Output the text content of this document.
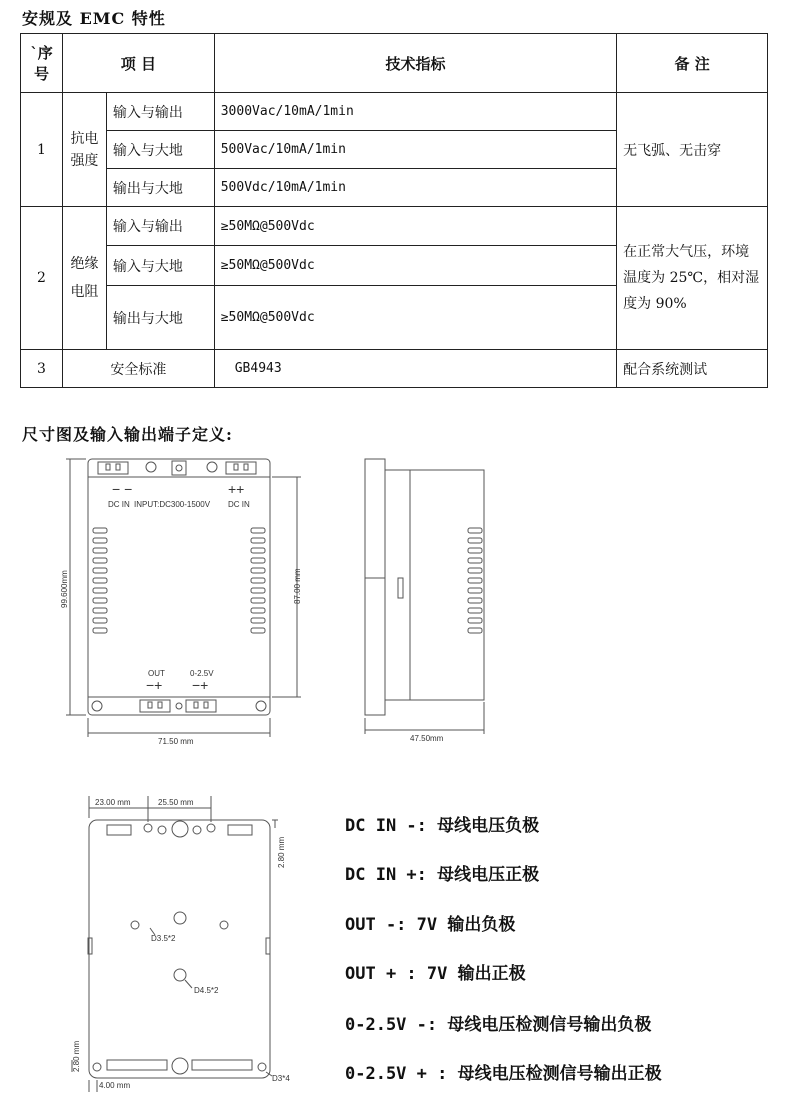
安规及 EMC 特性
`序号	项 目		技术指标	备 注
1	抗电强度	输入与输出	3000Vac/10mA/1min	无飞弧、无击穿
		输入与大地	500Vac/10mA/1min	
		输出与大地	500Vdc/10mA/1min	
2	绝缘电阻	输入与输出	≥50MΩ@500Vdc	在正常大气压，环境温度为 25℃，相对湿度为 90%
		输入与大地	≥50MΩ@500Vdc	
		输出与大地	≥50MΩ@500Vdc	
3	安全标准		GB4943	配合系统测试
尺寸图及输入输出端子定义:
− −
DC IN INPUT:DC300-1500V
++
DC IN
OUT
−+
0-2.5V
−+
99.600mm	87.00 mm
71.50 mm	47.50mm
23.00 mm	25.50 mm
2.80 mm
2.80 mm
4.00 mm
D3.5*2
D4.5*2
D3*4
DC IN -: 母线电压负极
DC IN +: 母线电压正极
OUT -: 7V 输出负极
OUT + : 7V 输出正极
0-2.5V -: 母线电压检测信号输出负极
0-2.5V + : 母线电压检测信号输出正极
